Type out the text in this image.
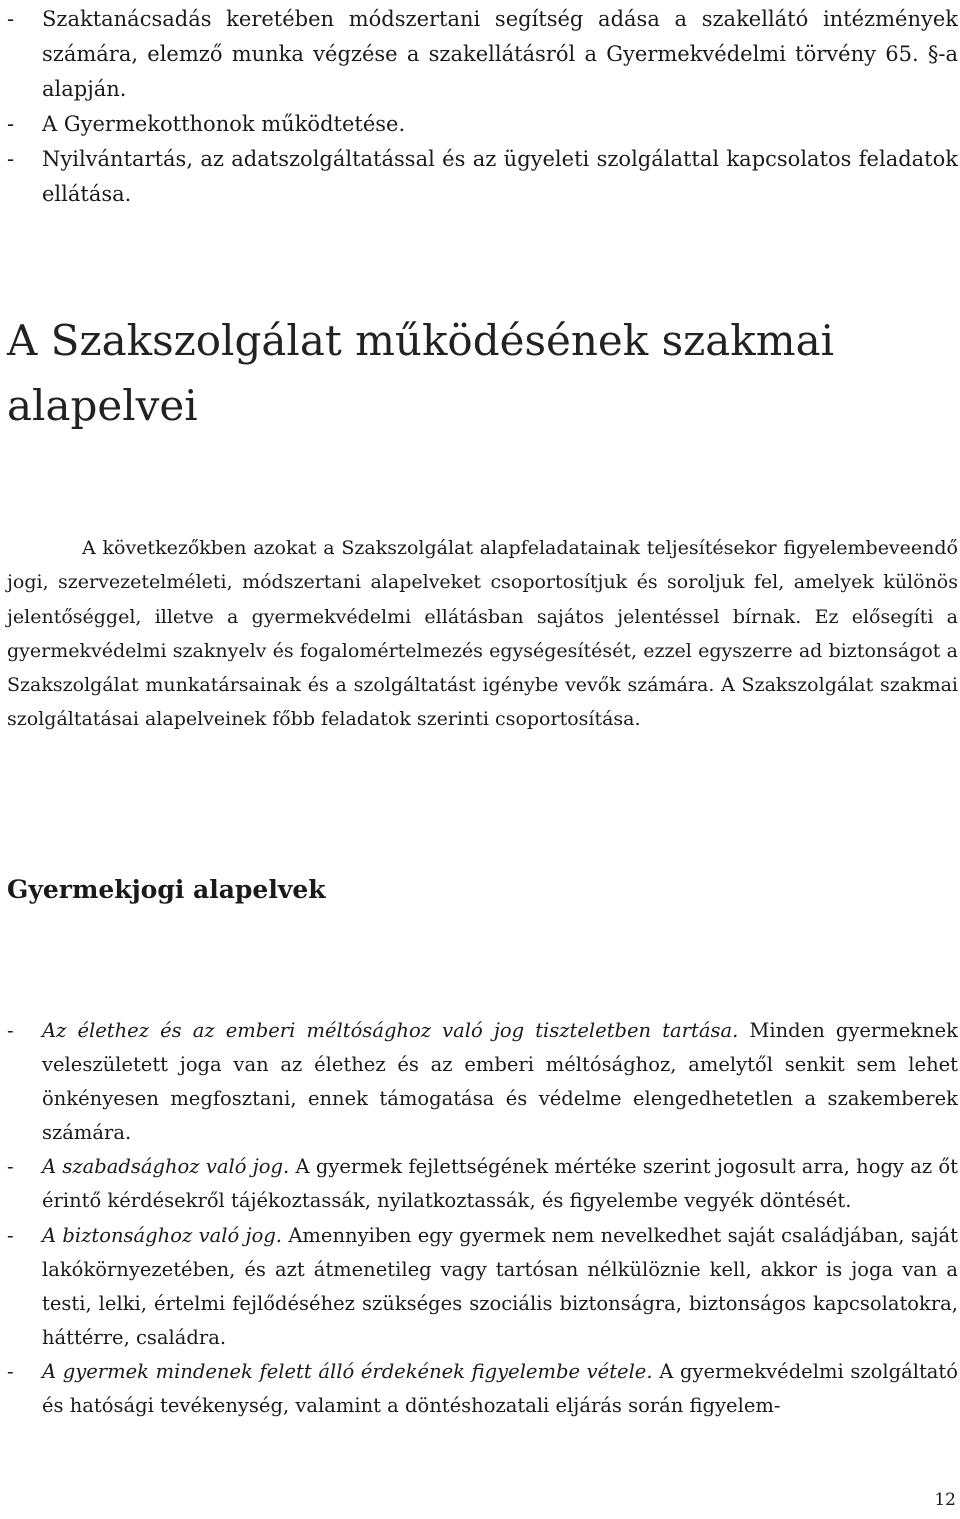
- Szaktanácsadás keretében módszertani segítség adása a szakellátó intézmények számára, elemző munka végzése a szakellátásról a Gyermekvédelmi törvény 65. §-a alapján.
- A Gyermekotthonok működtetése.
- Nyilvántartás, az adatszolgáltatással és az ügyeleti szolgálattal kapcsolatos feladatok ellátása.
A Szakszolgálat működésének szakmai alapelvei

A következőkben azokat a Szakszolgálat alapfeladatainak teljesítésekor figyelembeveendő jogi, szervezetelméleti, módszertani alapelveket csoportosítjuk és soroljuk fel, amelyek különös jelentőséggel, illetve a gyermekvédelmi ellátásban sajátos jelentéssel bírnak. Ez elősegíti a gyermekvédelmi szaknyelv és fogalomértelmezés egységesítését, ezzel egyszerre ad biztonságot a Szakszolgálat munkatársainak és a szolgáltatást igénybe vevők számára. A Szakszolgálat szakmai szolgáltatásai alapelveinek főbb feladatok szerinti csoportosítása.

Gyermekjogi alapelvek
- Az élethez és az emberi méltósághoz való jog tiszteletben tartása. Minden gyermeknek veleszületett joga van az élethez és az emberi méltósághoz, amelytől senkit sem lehet önkényesen megfosztani, ennek támogatása és védelme elengedhetetlen a szakemberek számára.
- A szabadsághoz való jog. A gyermek fejlettségének mértéke szerint jogosult arra, hogy az őt érintő kérdésekről tájékoztassák, nyilatkoztassák, és figyelembe vegyék döntését.
- A biztonsághoz való jog. Amennyiben egy gyermek nem nevelkedhet saját családjában, saját lakókörnyezetében, és azt átmenetileg vagy tartósan nélkülöznie kell, akkor is joga van a testi, lelki, értelmi fejlődéséhez szükséges szociális biztonságra, biztonságos kapcsolatokra, háttérre, családra.
- A gyermek mindenek felett álló érdekének figyelembe vétele. A gyermekvédelmi szolgáltató és hatósági tevékenység, valamint a döntéshozatali eljárás során figyelem-
12
